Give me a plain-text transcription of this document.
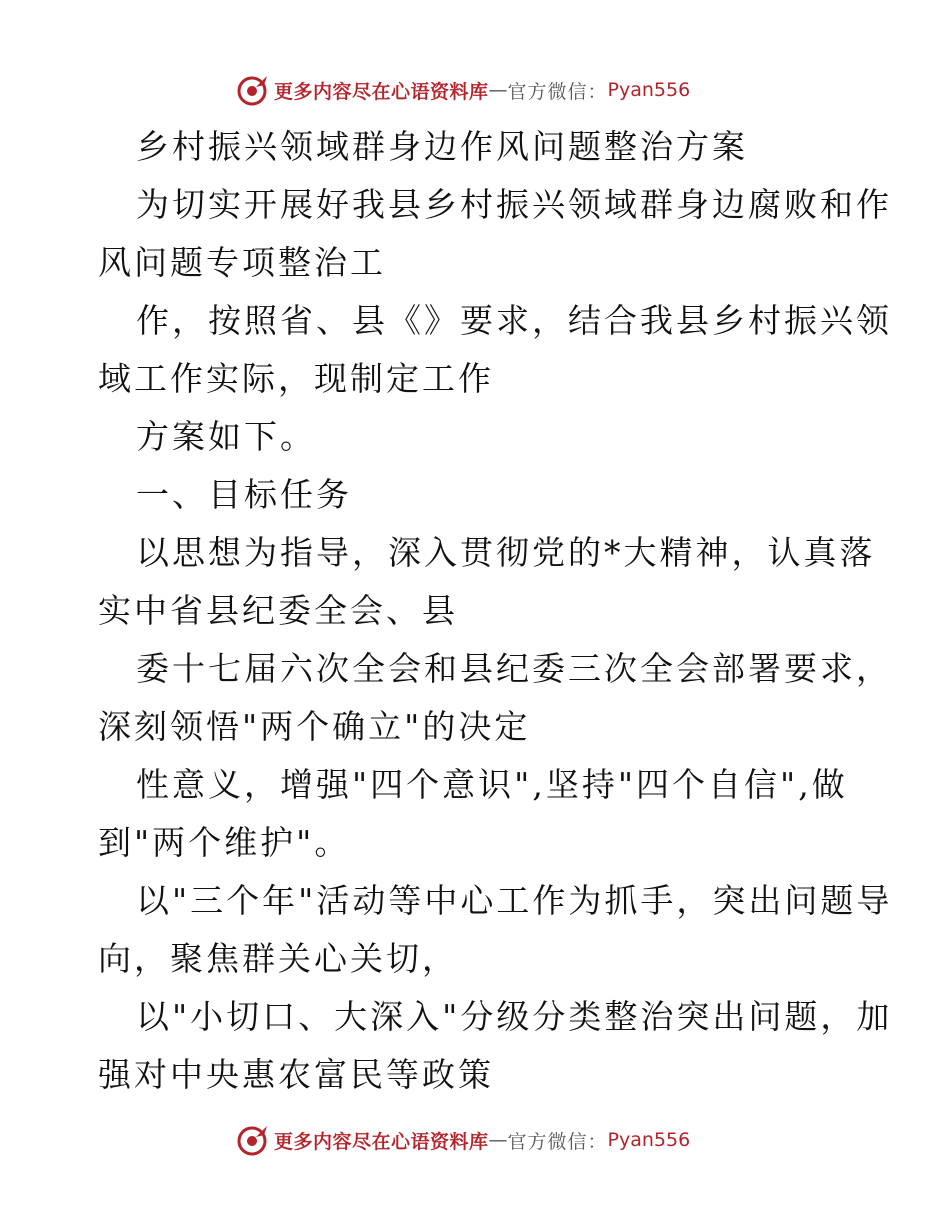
更多内容尽在心语资料库 — 官方微信： Pyan556
乡村振兴领域群身边作风问题整治方案
为切实开展好我县乡村振兴领域群身边腐败和作
风问题专项整治工
作，按照省、县《》要求，结合我县乡村振兴领
域工作实际，现制定工作
方案如下。
一、目标任务
以思想为指导，深入贯彻党的*大精神，认真落
实中省县纪委全会、县
委十七届六次全会和县纪委三次全会部署要求，
深刻领悟"两个确立"的决定
性意义，增强"四个意识",坚持"四个自信",做
到"两个维护"。
以"三个年"活动等中心工作为抓手，突出问题导
向，聚焦群关心关切，
以"小切口、大深入"分级分类整治突出问题，加
强对中央惠农富民等政策
更多内容尽在心语资料库 — 官方微信： Pyan556
